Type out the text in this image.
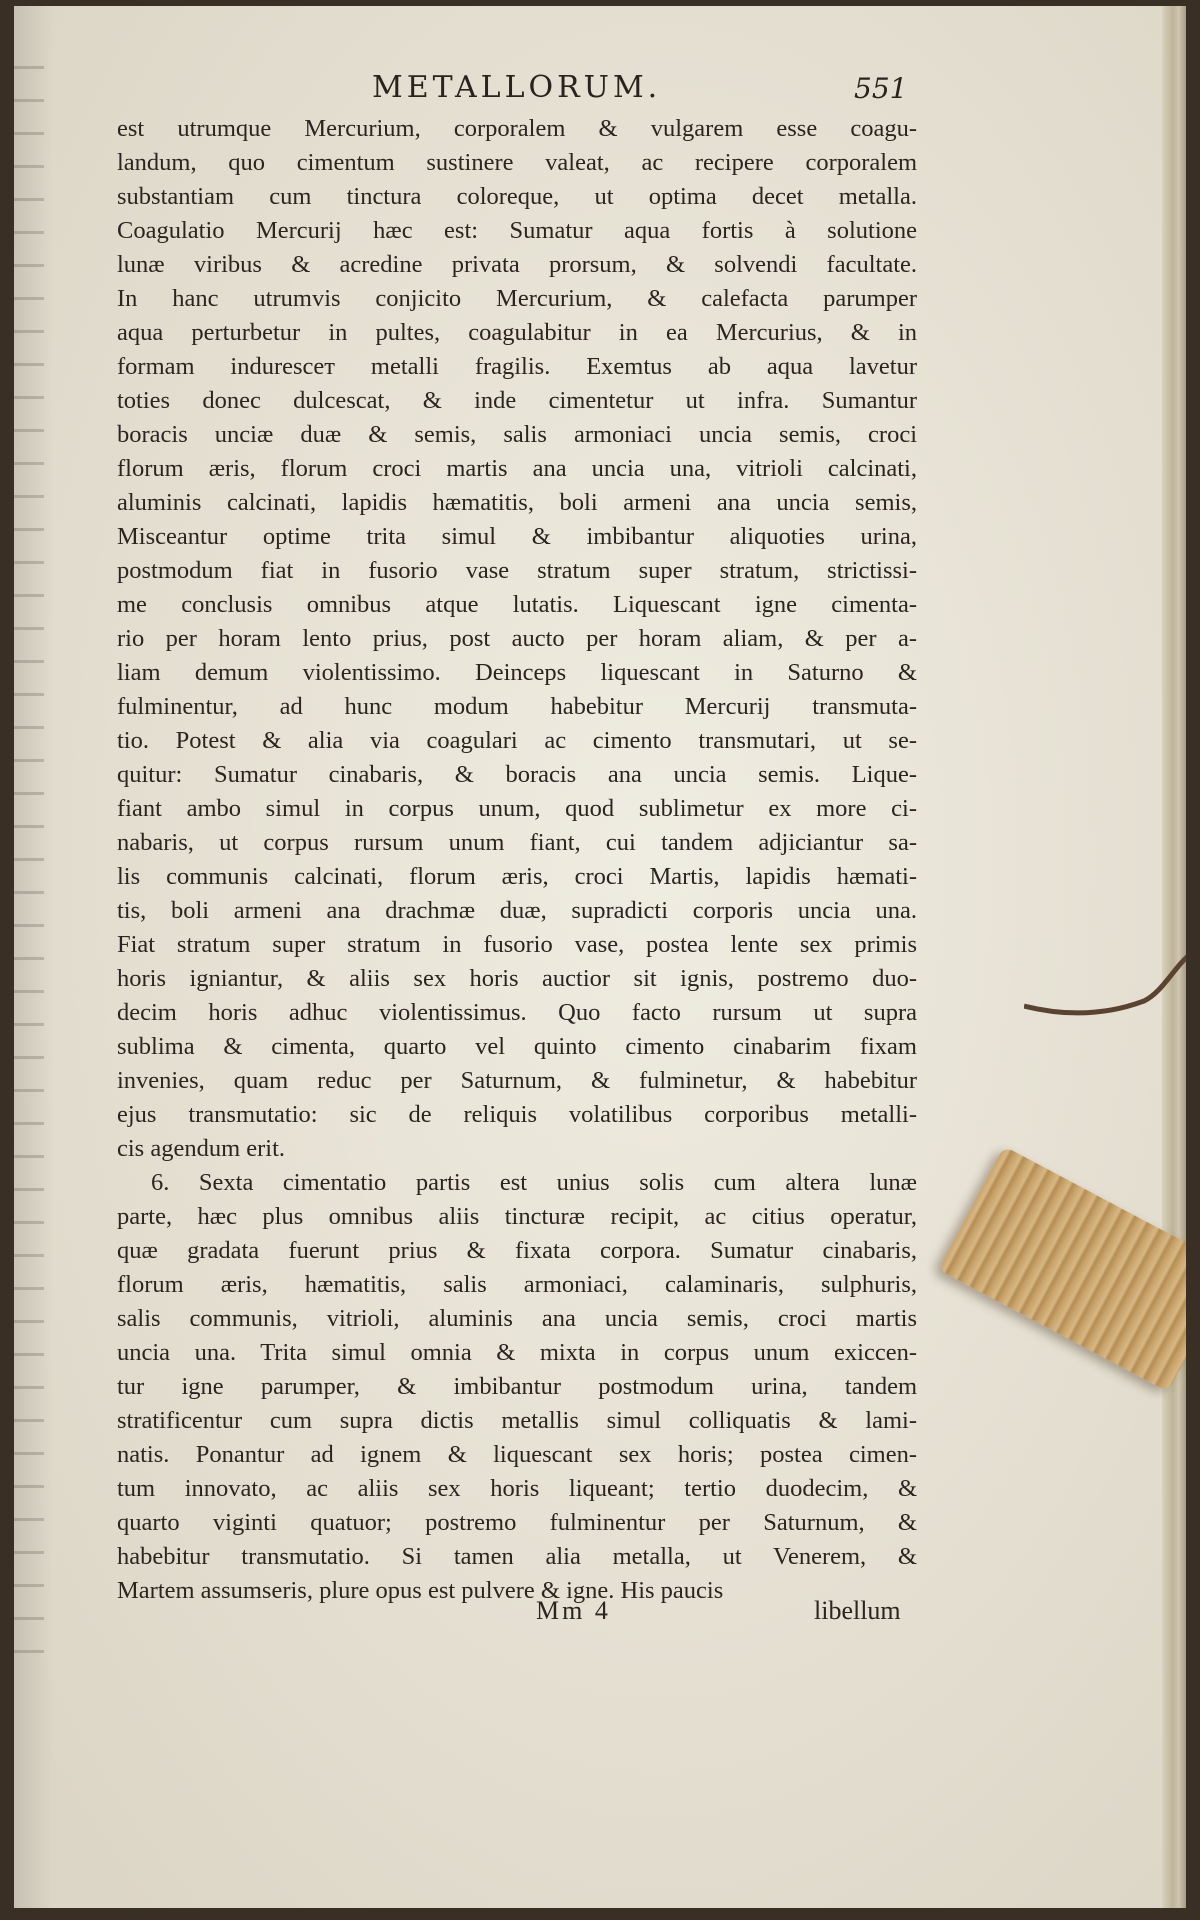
METALLORUM.	551
est utrumque Mercurium, corporalem & vulgarem esse coagu-
landum, quo cimentum sustinere valeat, ac recipere corporalem
substantiam cum tinctura coloreque, ut optima decet metalla.
Coagulatio Mercurij hæc est: Sumatur aqua fortis à solutione
lunæ viribus & acredine privata prorsum, & solvendi facultate.
In hanc utrumvis conjicito Mercurium, & calefacta parumper
aqua perturbetur in pultes, coagulabitur in ea Mercurius, & in
formam induresceт metalli fragilis. Exemtus ab aqua lavetur
toties donec dulcescat, & inde cimentetur ut infra. Sumantur
boracis unciæ duæ & semis, salis armoniaci uncia semis, croci
florum æris, florum croci martis ana uncia una, vitrioli calcinati,
aluminis calcinati, lapidis hæmatitis, boli armeni ana uncia semis,
Misceantur optime trita simul & imbibantur aliquoties urina,
postmodum fiat in fusorio vase stratum super stratum, strictissi-
me conclusis omnibus atque lutatis. Liquescant igne cimenta-
rio per horam lento prius, post aucto per horam aliam, & per a-
liam demum violentissimo. Deinceps liquescant in Saturno &
fulminentur, ad hunc modum habebitur Mercurij transmuta-
tio. Potest & alia via coagulari ac cimento transmutari, ut se-
quitur: Sumatur cinabaris, & boracis ana uncia semis. Lique-
fiant ambo simul in corpus unum, quod sublimetur ex more ci-
nabaris, ut corpus rursum unum fiant, cui tandem adjiciantur sa-
lis communis calcinati, florum æris, croci Martis, lapidis hæmati-
tis, boli armeni ana drachmæ duæ, supradicti corporis uncia una.
Fiat stratum super stratum in fusorio vase, postea lente sex primis
horis igniantur, & aliis sex horis auctior sit ignis, postremo duo-
decim horis adhuc violentissimus. Quo facto rursum ut supra
sublima & cimenta, quarto vel quinto cimento cinabarim fixam
invenies, quam reduc per Saturnum, & fulminetur, & habebitur
ejus transmutatio: sic de reliquis volatilibus corporibus metalli-
cis agendum erit.
6. Sexta cimentatio partis est unius solis cum altera lunæ
parte, hæc plus omnibus aliis tincturæ recipit, ac citius operatur,
quæ gradata fuerunt prius & fixata corpora. Sumatur cinabaris,
florum æris, hæmatitis, salis armoniaci, calaminaris, sulphuris,
salis communis, vitrioli, aluminis ana uncia semis, croci martis
uncia una. Trita simul omnia & mixta in corpus unum exiccen-
tur igne parumper, & imbibantur postmodum urina, tandem
stratificentur cum supra dictis metallis simul colliquatis & lami-
natis. Ponantur ad ignem & liquescant sex horis; postea cimen-
tum innovato, ac aliis sex horis liqueant; tertio duodecim, &
quarto viginti quatuor; postremo fulminentur per Saturnum, &
habebitur transmutatio. Si tamen alia metalla, ut Venerem, &
Martem assumseris, plure opus est pulvere & igne. His paucis
Mm 4	libellum
